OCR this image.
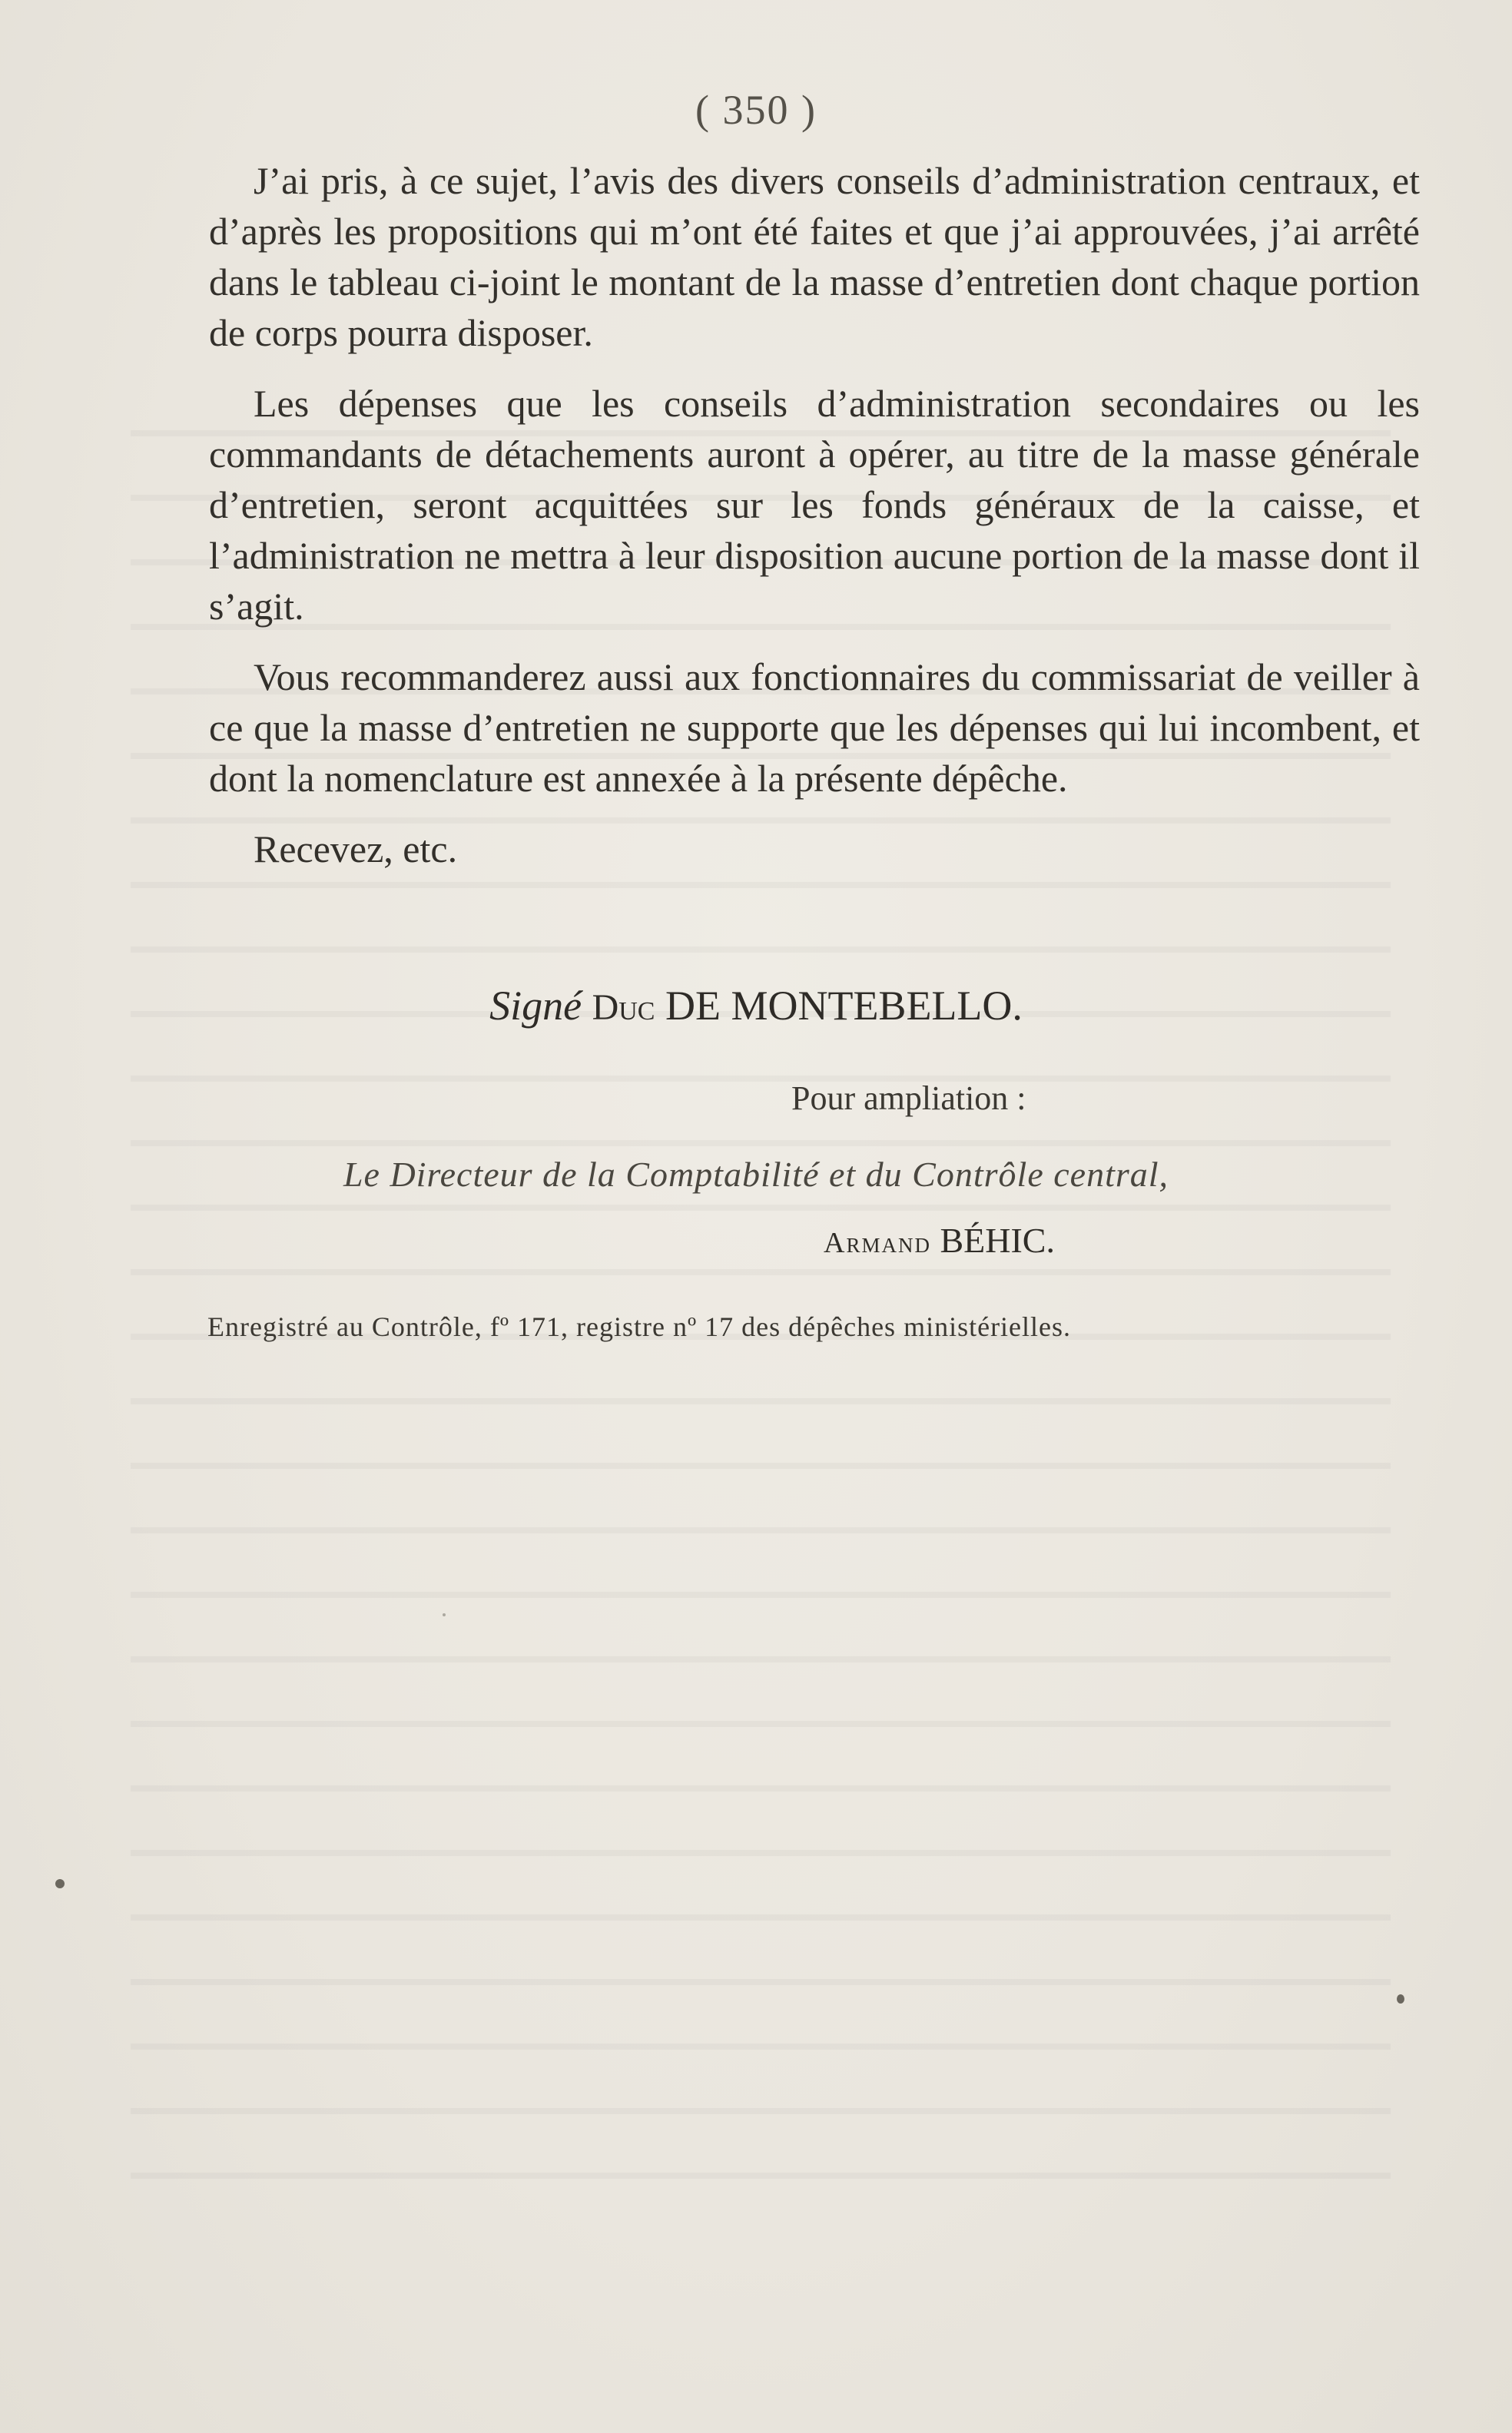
( 350 )

J’ai pris, à ce sujet, l’avis des divers conseils d’administration centraux, et d’après les propositions qui m’ont été faites et que j’ai approuvées, j’ai arrêté dans le tableau ci-joint le montant de la masse d’entretien dont chaque portion de corps pourra disposer.

Les dépenses que les conseils d’administration secondaires ou les commandants de détachements auront à opérer, au titre de la masse générale d’entretien, seront acquittées sur les fonds généraux de la caisse, et l’administration ne mettra à leur disposition aucune portion de la masse dont il s’agit.

Vous recommanderez aussi aux fonctionnaires du commissariat de veiller à ce que la masse d’entretien ne supporte que les dépenses qui lui incombent, et dont la nomenclature est annexée à la présente dépêche.

Recevez, etc.

Signé Duc DE MONTEBELLO.
Pour ampliation :
Le Directeur de la Comptabilité et du Contrôle central,
Armand BÉHIC.
Enregistré au Contrôle, fº 171, registre nº 17 des dépêches ministérielles.
